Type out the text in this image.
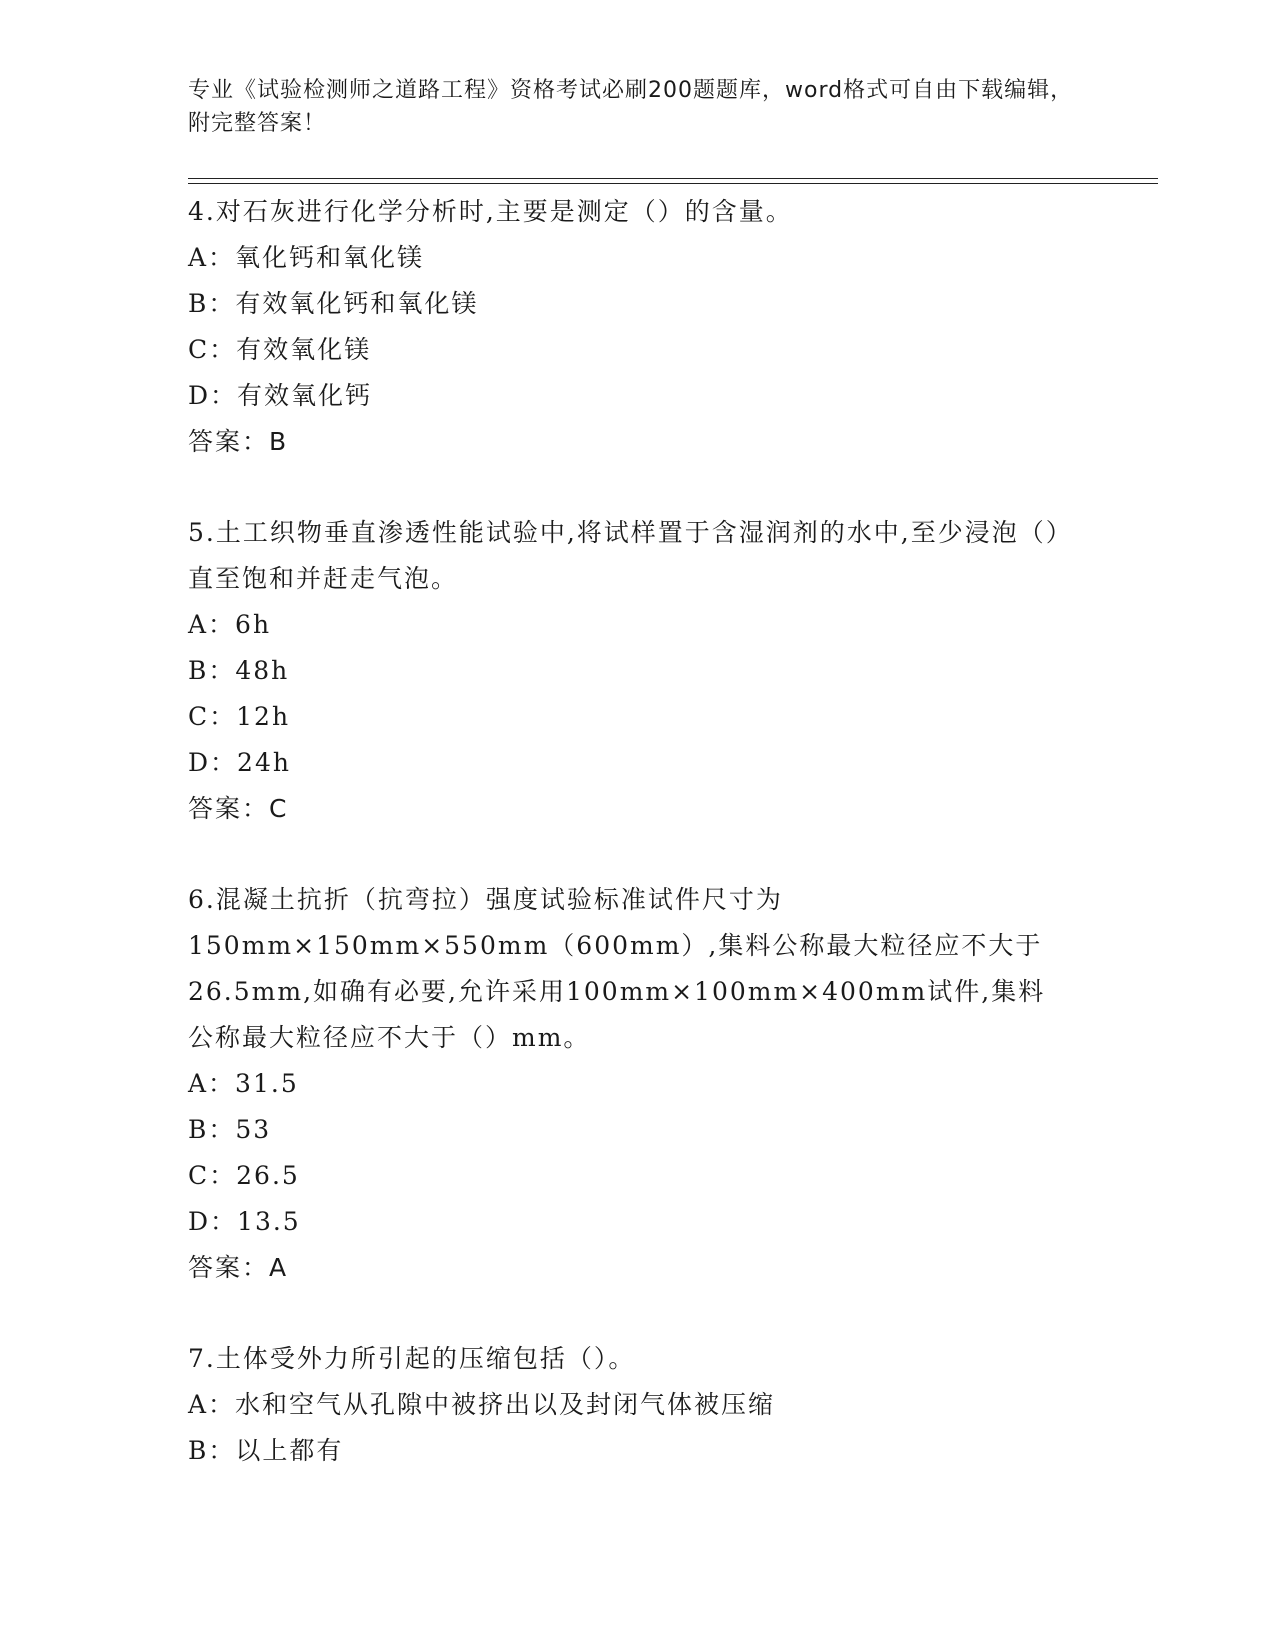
专业《试验检测师之道路工程》资格考试必刷200题题库，word格式可自由下载编辑，附完整答案！

4.对石灰进行化学分析时,主要是测定（）的含量。

A：氧化钙和氧化镁

B：有效氧化钙和氧化镁

C：有效氧化镁

D：有效氧化钙

答案：B

5.土工织物垂直渗透性能试验中,将试样置于含湿润剂的水中,至少浸泡（）直至饱和并赶走气泡。

A：6h

B：48h

C：12h

D：24h

答案：C

6.混凝土抗折（抗弯拉）强度试验标准试件尺寸为150mm×150mm×550mm（600mm）,集料公称最大粒径应不大于26.5mm,如确有必要,允许采用100mm×100mm×400mm试件,集料公称最大粒径应不大于（）mm。

A：31.5

B：53

C：26.5

D：13.5

答案：A

7.土体受外力所引起的压缩包括（）。

A：水和空气从孔隙中被挤出以及封闭气体被压缩

B：以上都有
